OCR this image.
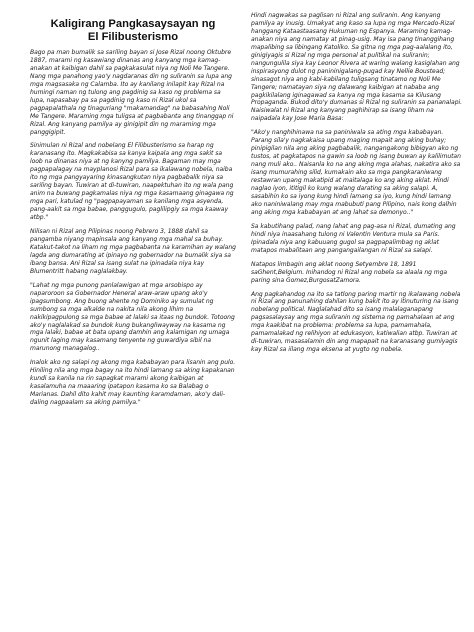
Kaligirang Pangkasaysayan ng
El Filibusterismo

Bago pa man bumalik sa sariling bayan si Jose Rizal noong Oktubre 1887, marami ng kasawiang dinanas ang kanyang mga kamag-anakan at kaibigan dahil sa pagkakasulat niya ng Noli Me Tangere. Nang mga panahong yao'y nagdaranas din ng suliranin sa lupa ang mga magsasaka ng Calamba. Ito ay kanilang inilapit kay Rizal na humingi naman ng tulong ang pagdinig sa kaso ng problema sa lupa, napasabay pa sa pagdinig ng kaso ni Rizal ukol sa pagpapalathala ng tinaguriang "makamandag" na babasahing Noli Me Tangere. Maraming mga tuligsa at pagbabanta ang tinanggap ni Rizal. Ang kanyang pamilya ay ginigipit din ng maraming mga panggigipit.

Sinimulan ni Rizal and nobelang El Filibusterismo sa harap ng karanasang ito. Magkakabisa sa kanya kaipala ang mga sakit sa loob na dinanas niya at ng kanyng pamilya. Bagaman may mga pagpapalagay na mayplanosi Rizal para sa ikalawang nobela, naiba ito ng mga pangyayaring kinasangkutan niya pagbabalik niya sa sariling bayan. Tuwiran at di-tuwiran, naapektuhan ito ng wala pang anim na buwang pagkamalas niya ng mga kasamaang ginagawa ng mga pari, katulad ng "pagpapayaman sa kanilang mga asyenda, pang-aakit sa mga babae, panggugulo, paglilipgiy sa mga kaaway atbp."

Nilisan ni Rizal ang Pilipinas noong Pebrero 3, 1888 dahil sa pangamba niyang mapinsala ang kanyang mga mahal sa buhay. Katakut-takot na liham ng mga pagbabanta na karamihan ay walang lagda ang dumarating at ipinayo ng gobernador na bumalik siya sa ibang bansa. Ani Rizal sa isang sulat na ipinadala niya kay Blumentritt habang naglalakbay.

"Lahat ng mga punong panlalawigan at mga arsobispo ay naparoroon sa Gobernador Heneral araw-araw upang ako'y ipagsumbong. Ang buong ahente ng Dominiko ay sumulat ng sumbong sa mga alkalde na nakita nila akong lihim na nakikipagpulong sa mga babae at lalaki sa itaas ng bundok. Totoong ako'y naglalakad sa bundok kung bukangliwayway na kasama ng mga lalaki, babae at bata upang damhin ang kalamigan ng umaga ngunit laging may kasamang tenyente ng guwardiya sibil na marunong managalog..

Inalok ako ng salapi ng akong mga kababayan para lisanin ang pulo. Hiniling nila ang mga bagay na ito hindi lamang sa aking kapakanan kundi sa kanila na rin sapagkat marami akong kaibigan at kasalamuha na maaaring ipatapon kasama ko sa Balabag o Marianas. Dahil dito kahit may kaunting karamdaman, ako'y dali-daling nagpaalam sa aking pamilya."

Hindi nagwakas sa paglisan ni Rizal ang suliranin. Ang kanyang pamilya ay inusig. Umakyat ang kaso sa lupa ng mga Mercado-Rizal hanggang Kataastaasang Hukuman ng Espanya. Maraming kamag-anakan niya ang namatay at pinag-usig. May isa pang tinanggihang mapalibing sa libingang Katoliko. Sa gitna ng mga pag-aalalang ito, ginigiyagis si Rizal ng mga personal at pulitikal na suliranin; nangungulila siya kay Leonor Rivera at waring walang kasiglahan ang inspirasyong dulot ng panininigalang-pugad kay Nellie Boustead; sinasagot niya ang kabi-kabilang tuligsang tinatamo ng Noli Me Tangere; namatayan siya ng dalawang kaibigan at nababa ang pagkikilalang iginagawad sa kanya ng mga kasama sa Kilusang Propaganda. Bukod dito'y dumanas si Rizal ng suliranin sa pananalapi. Naisiwalat ni Rizal ang kanyang paghihirap sa isang liham na naipadala kay Jose Maria Basa:

"Ako'y nanghihinawa na sa paniniwala sa ating mga kababayan. Parang sila'y nagkakaisa upang maging mapait ang aking buhay; pinipigilan nila ang aking pagbabalik, nangangakong bibigyan ako ng tustos, at pagkatapos na gawin sa loob ng isang buwan ay kalilimutan nang muli ako.. Naisanla ko na ang aking mga alahas, nakatira ako sa isang mumurahing silid, kumakain ako sa mga pangkaraniwang restawran upang makatipid at maitalaga ko ang aking aklat. Hindi naglao iyon, ititigil ko kung walang darating sa aking salapi. A, sasabihin ko sa iyong kung hindi lamang sa iyo, kung hindi lamang ako naniniwalang may mga mabubuti pang Pilipino, nais kong dalhin ang aking mga kababayan at ang lahat sa demonyo.."

Sa kabutihang palad, nang lahat ang pag-asa ni Rizal, dumating ang hindi niya inaasahang tulong ni Valentin Ventura mula sa Paris. Ipinadala niya ang kabuuang gugol sa pagpapalimbag ng aklat matapos mabalitaan ang pangangailangan ni Rizal sa salapi.

Natapos limbagin ang aklat noong Setyembre 18, 1891 saGhent,Belgium. Inihandog ni Rizal ang nobela sa alaala ng mga paring sina Gomez,BurgosatZamora.

Ang pagkahandog na ito sa tatlong paring martir ng ikalawang nobela ni Rizal ang panunahing dahilan kung bakit ito ay itinuturing na isang nobelang political. Naglalahad dito sa isang malalaganapang pagsasalaysay ang mga suliranin ng sistema ng pamahalaan at ang mga kaakibat na problema: problema sa lupa, pamamahala, pamamalakad ng relihiyon at edukasyon, katiwalian atbp. Tuwiran at di-tuwiran, masasalamin din ang mapapait na karanasang gumiyagis kay Rizal sa iilang mga eksena at yugto ng nobela.
